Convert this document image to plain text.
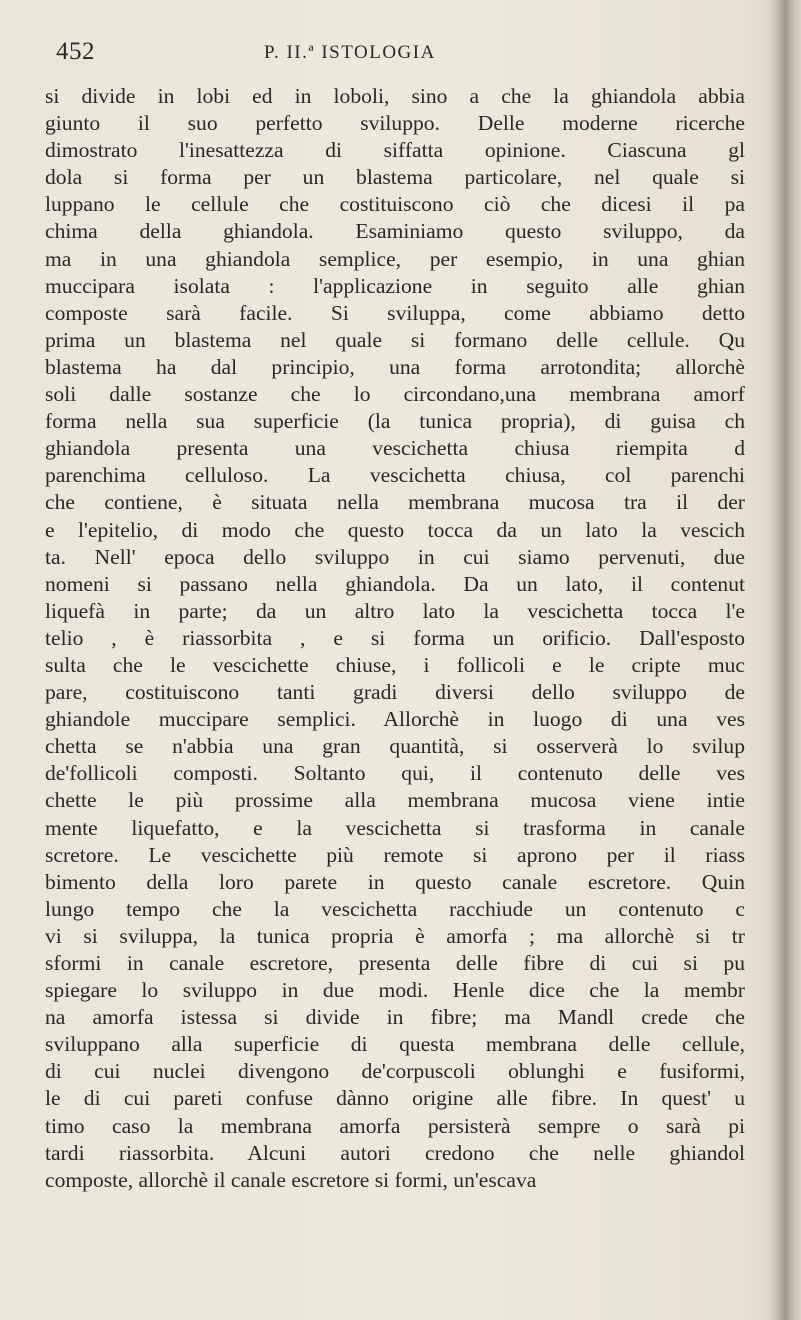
452	P. II.ª ISTOLOGIA
si divide in lobi ed in loboli, sino a che la ghiandola abbia
giunto il suo perfetto sviluppo. Delle moderne ricerche
dimostrato l'inesattezza di siffatta opinione. Ciascuna gl
dola si forma per un blastema particolare, nel quale si
luppano le cellule che costituiscono ciò che dicesi il pa
chima della ghiandola. Esaminiamo questo sviluppo, da
ma in una ghiandola semplice, per esempio, in una ghian
muccipara isolata : l'applicazione in seguito alle ghian
composte sarà facile. Si sviluppa, come abbiamo detto
prima un blastema nel quale si formano delle cellule. Qu
blastema ha dal principio, una forma arrotondita; allorchè
soli dalle sostanze che lo circondano,una membrana amorf
forma nella sua superficie (la tunica propria), di guisa ch
ghiandola presenta una vescichetta chiusa riempita d
parenchima celluloso. La vescichetta chiusa, col parenchi
che contiene, è situata nella membrana mucosa tra il der
e l'epitelio, di modo che questo tocca da un lato la vescich
ta. Nell' epoca dello sviluppo in cui siamo pervenuti, due
nomeni si passano nella ghiandola. Da un lato, il contenut
liquefà in parte; da un altro lato la vescichetta tocca l'e
telio , è riassorbita , e si forma un orificio. Dall'esposto
sulta che le vescichette chiuse, i follicoli e le cripte muc
pare, costituiscono tanti gradi diversi dello sviluppo de
ghiandole muccipare semplici. Allorchè in luogo di una ves
chetta se n'abbia una gran quantità, si osserverà lo svilup
de'follicoli composti. Soltanto qui, il contenuto delle ves
chette le più prossime alla membrana mucosa viene intie
mente liquefatto, e la vescichetta si trasforma in canale
scretore. Le vescichette più remote si aprono per il riass
bimento della loro parete in questo canale escretore. Quin
lungo tempo che la vescichetta racchiude un contenuto c
vi si sviluppa, la tunica propria è amorfa ; ma allorchè si tr
sformi in canale escretore, presenta delle fibre di cui si pu
spiegare lo sviluppo in due modi. Henle dice che la membr
na amorfa istessa si divide in fibre; ma Mandl crede che
sviluppano alla superficie di questa membrana delle cellule,
di cui nuclei divengono de'corpuscoli oblunghi e fusiformi,
le di cui pareti confuse dànno origine alle fibre. In quest' u
timo caso la membrana amorfa persisterà sempre o sarà pi
tardi riassorbita. Alcuni autori credono che nelle ghiandol
composte, allorchè il canale escretore si formi, un'escava
